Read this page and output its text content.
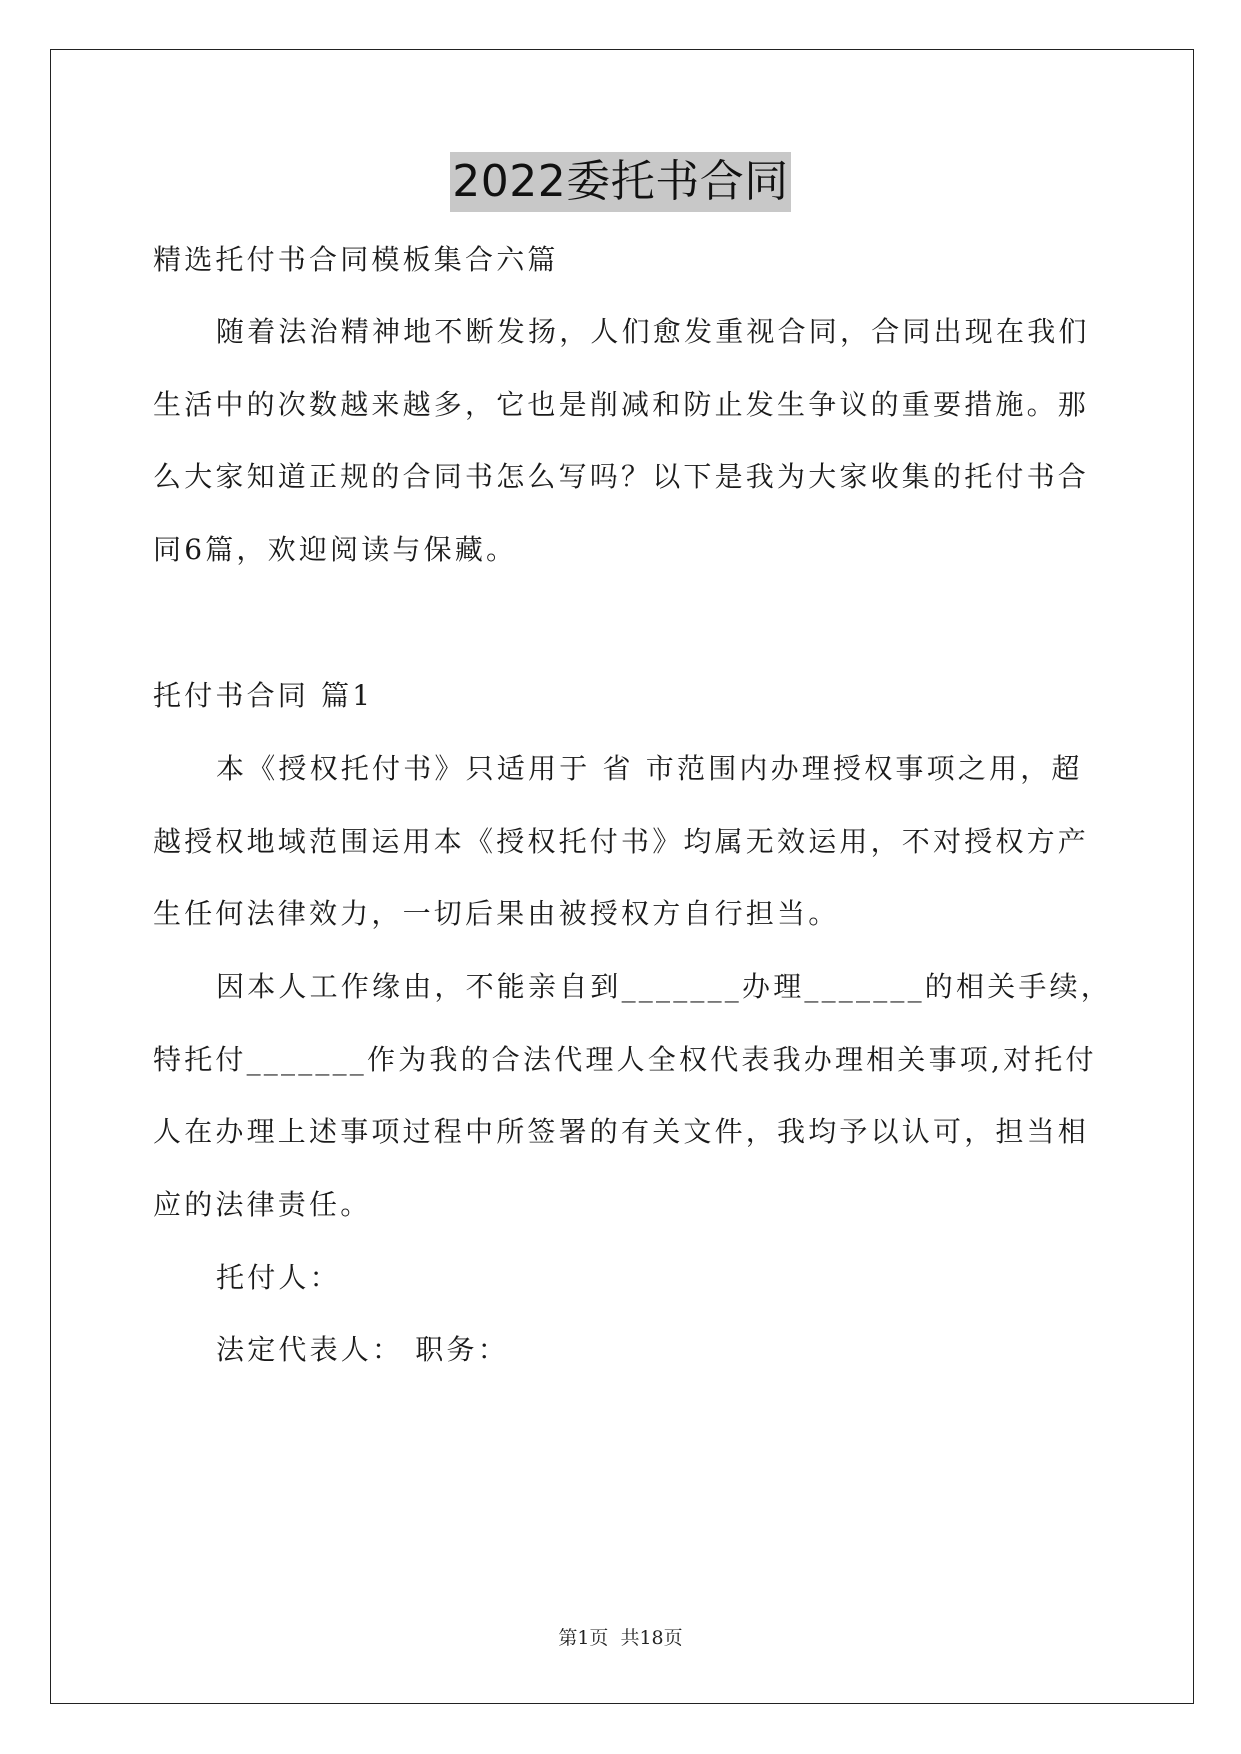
2022委托书合同
精选托付书合同模板集合六篇
随着法治精神地不断发扬，人们愈发重视合同，合同出现在我们
生活中的次数越来越多，它也是削减和防止发生争议的重要措施。那
么大家知道正规的合同书怎么写吗？以下是我为大家收集的托付书合
同6篇，欢迎阅读与保藏。
托付书合同 篇1
本《授权托付书》只适用于 省 市范围内办理授权事项之用，超
越授权地域范围运用本《授权托付书》均属无效运用，不对授权方产
生任何法律效力，一切后果由被授权方自行担当。
因本人工作缘由，不能亲自到_______办理_______的相关手续，
特托付_______作为我的合法代理人全权代表我办理相关事项,对托付
人在办理上述事项过程中所签署的有关文件，我均予以认可，担当相
应的法律责任。
托付人：
法定代表人： 职务：
第1页 共18页
